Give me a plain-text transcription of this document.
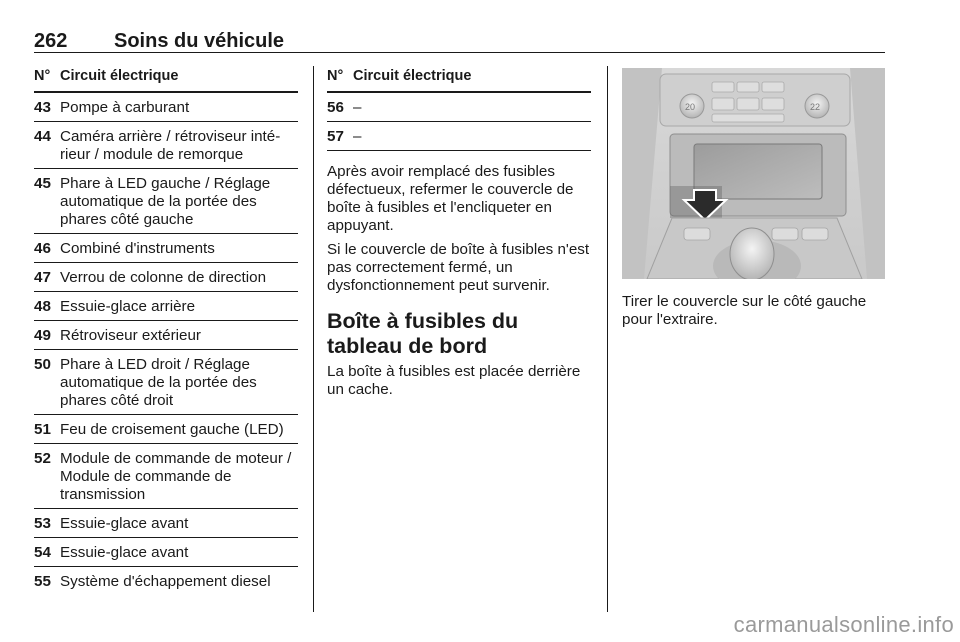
262 Soins du véhicule
N° Circuit électrique
43 Pompe à carburant
44 Caméra arrière / rétroviseur intérieur / module de remorque
45 Phare à LED gauche / Réglage automatique de la portée des phares côté gauche
46 Combiné d'instruments
47 Verrou de colonne de direction
48 Essuie-glace arrière
49 Rétroviseur extérieur
50 Phare à LED droit / Réglage automatique de la portée des phares côté droit
51 Feu de croisement gauche (LED)
52 Module de commande de moteur / Module de commande de transmission
53 Essuie-glace avant
54 Essuie-glace avant
55 Système d'échappement diesel
N° Circuit électrique
56 –
57 –

Après avoir remplacé des fusibles défectueux, refermer le couvercle de boîte à fusibles et l'encliqueter en appuyant.

Si le couvercle de boîte à fusibles n'est pas correctement fermé, un dysfonctionnement peut survenir.

Boîte à fusibles du tableau de bord

La boîte à fusibles est placée derrière un cache.

20	22

Tirer le couvercle sur le côté gauche pour l'extraire.

carmanualsonline.info
